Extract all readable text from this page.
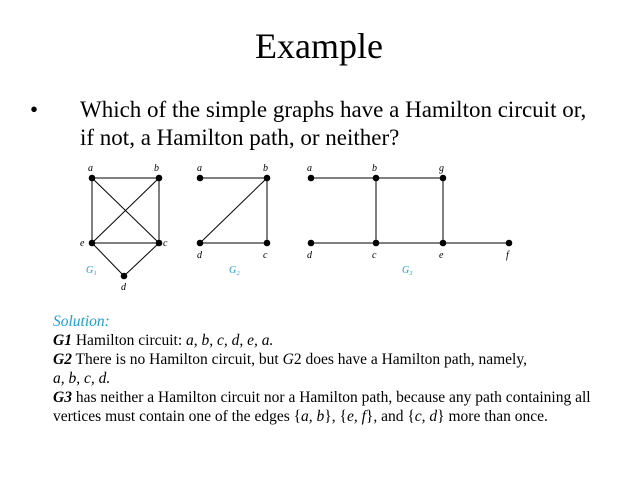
Example
• Which of the simple graphs have a Hamilton circuit or, if not, a Hamilton path, or neither?
a	b
e	c
d
G₁
a	b
d	c
G₂
a	b	g
d	c	e	f
G₃
Solution:
G1 Hamilton circuit: a, b, c, d, e, a.
G2 There is no Hamilton circuit, but G2 does have a Hamilton path, namely,
a, b, c, d.
G3 has neither a Hamilton circuit nor a Hamilton path, because any path containing all vertices must contain one of the edges {a, b}, {e, f}, and {c, d} more than once.
